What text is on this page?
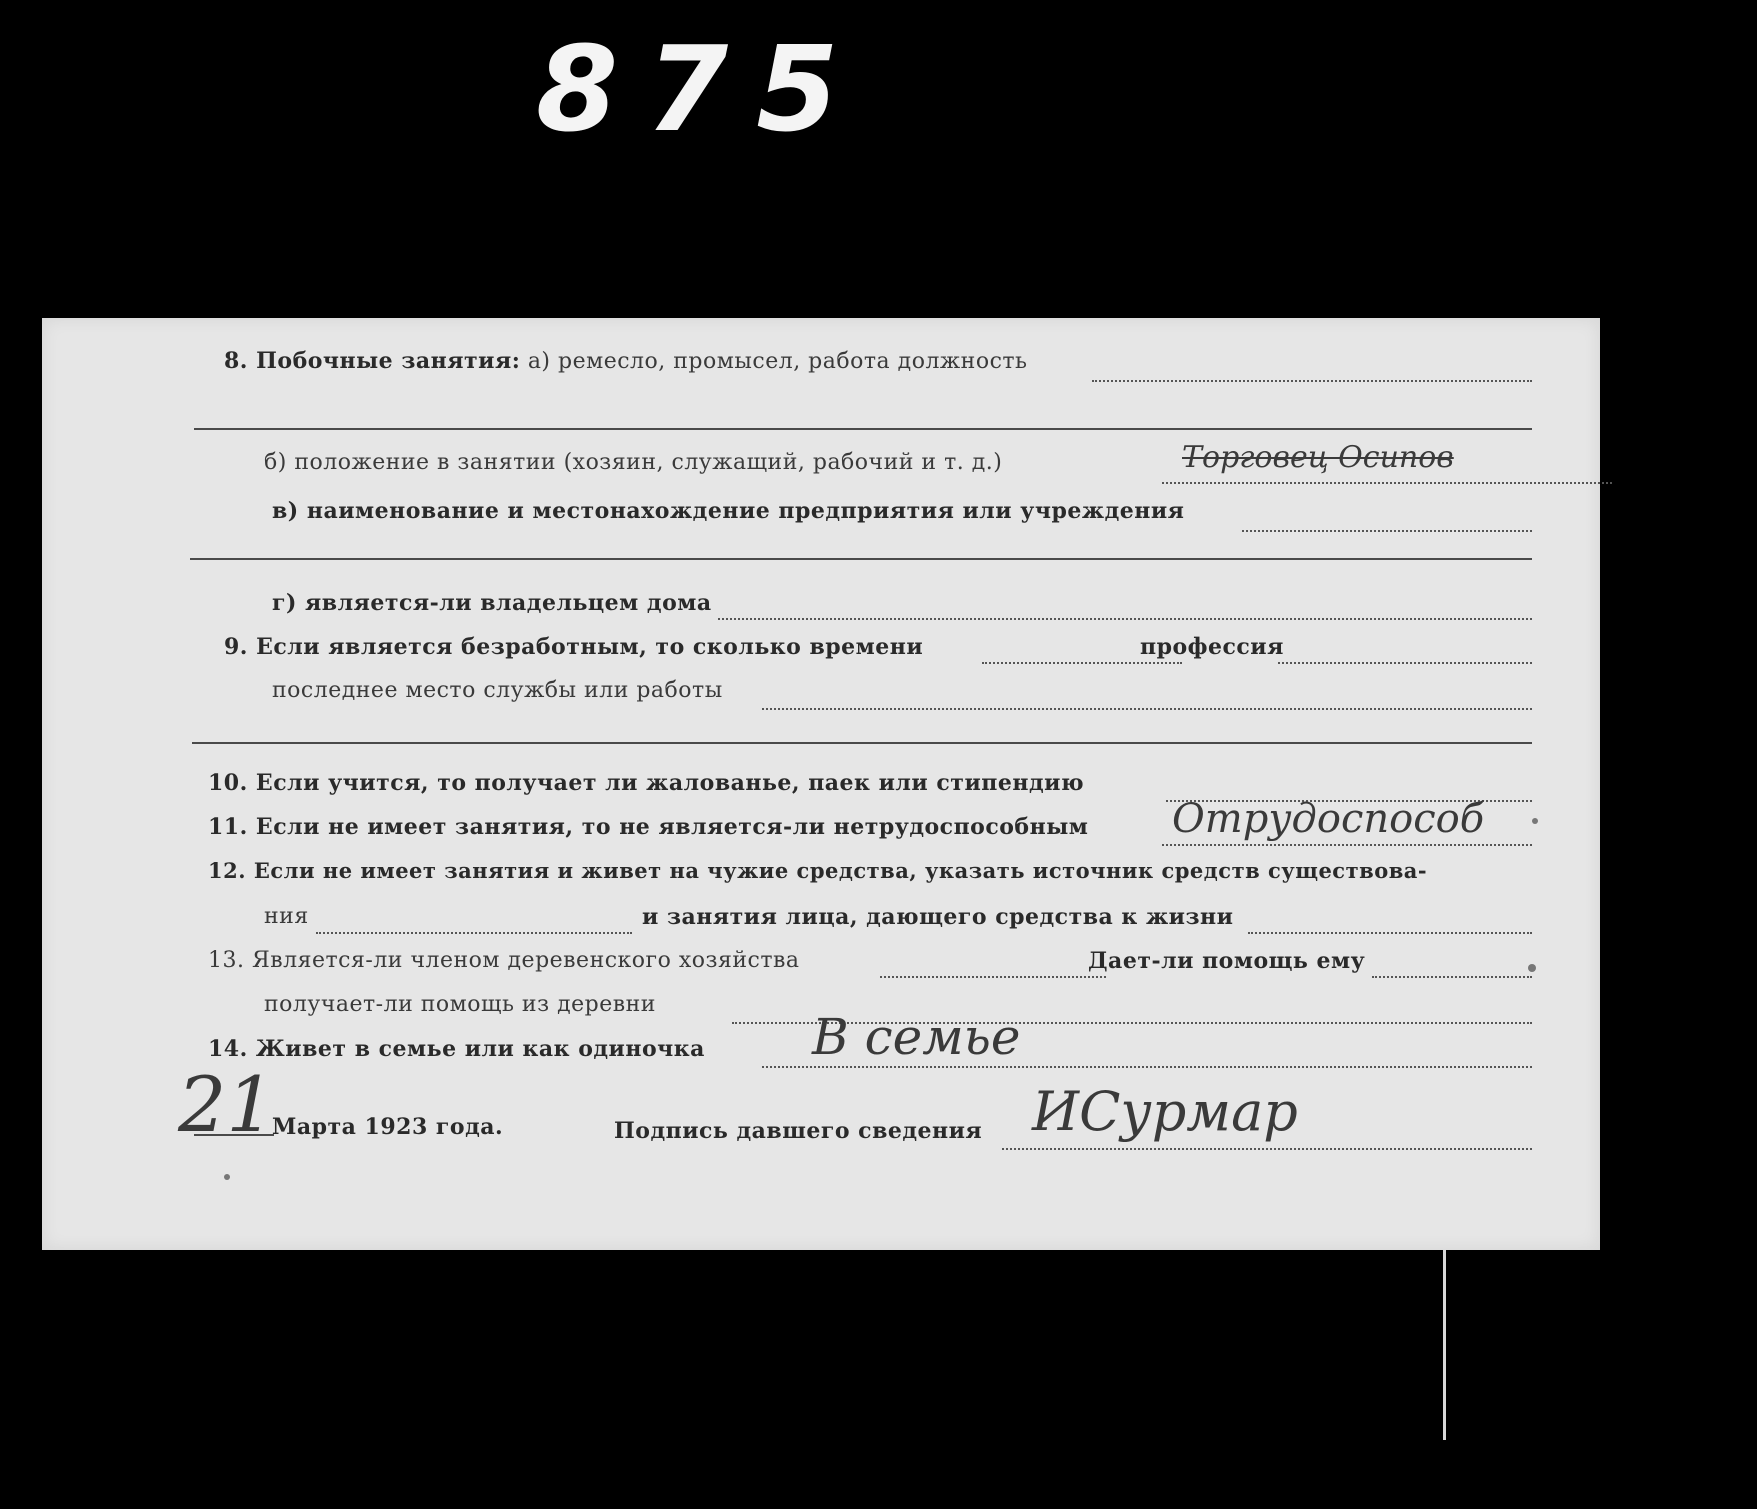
875
8. Побочные занятия: а) ремесло, промысел, работа должность
б) положение в занятии (хозяин, служащий, рабочий и т. д.)	Торговец Осипов
в) наименование и местонахождение предприятия или учреждения
г) является-ли владельцем дома
9. Если является безработным, то сколько времени	профессия
последнее место службы или работы
10. Если учится, то получает ли жалованье, паек или стипендию
11. Если не имеет занятия, то не является-ли нетрудоспособным Отрудоспособ
12. Если не имеет занятия и живет на чужие средства, указать источник средств существова-
ния	и занятия лица, дающего средства к жизни
13. Является-ли членом деревенского хозяйства	Дает-ли помощь ему
получает-ли помощь из деревни
14. Живет в семье или как одиночка В семье
21
Марта 1923 года.	Подпись давшего сведения ИСурмар
